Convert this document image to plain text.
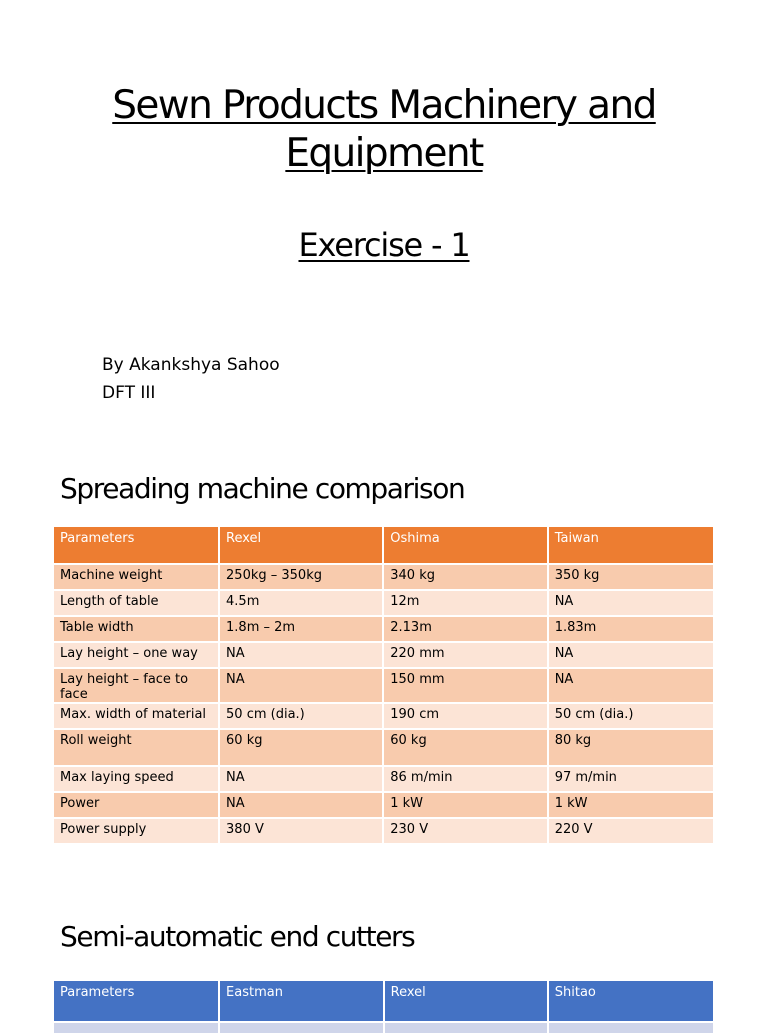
Sewn Products Machinery and
Equipment
Exercise - 1
By Akankshya Sahoo
DFT III
Spreading machine comparison
Parameters	Rexel	Oshima	Taiwan
Machine weight	250kg – 350kg	340 kg	350 kg
Length of table	4.5m	12m	NA
Table width	1.8m – 2m	2.13m	1.83m
Lay height – one way	NA	220 mm	NA
Lay height – face to face	NA	150 mm	NA
Max. width of material	50 cm (dia.)	190 cm	50 cm (dia.)
Roll weight	60 kg	60 kg	80 kg
Max laying speed	NA	86 m/min	97 m/min
Power	NA	1 kW	1 kW
Power supply	380 V	230 V	220 V
Semi-automatic end cutters
Parameters	Eastman	Rexel	Shitao
